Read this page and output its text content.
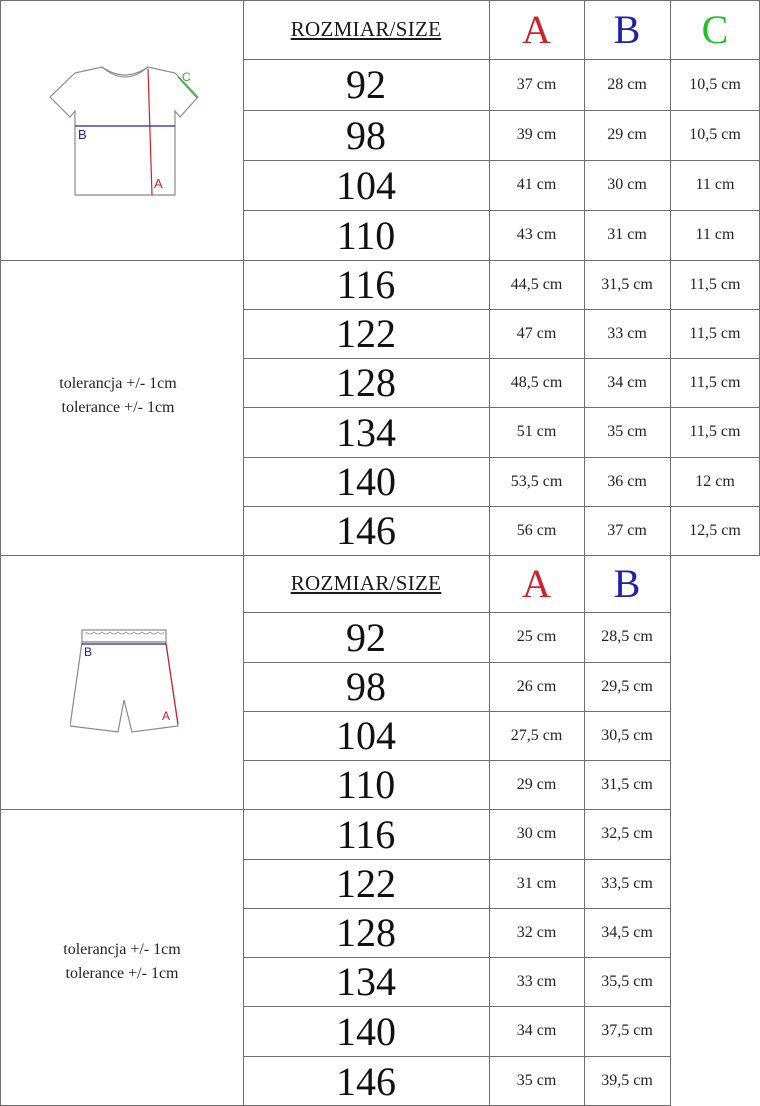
A
B
C
B
A
tolerancja +/- 1cm
tolerance +/- 1cm
tolerancja +/- 1cm
tolerance +/- 1cm
ROZMIAR/SIZE	A	B	C
92	37 cm	28 cm	10,5 cm
98	39 cm	29 cm	10,5 cm
104	41 cm	30 cm	11 cm
110	43 cm	31 cm	11 cm
116	44,5 cm	31,5 cm	11,5 cm
122	47 cm	33 cm	11,5 cm
128	48,5 cm	34 cm	11,5 cm
134	51 cm	35 cm	11,5 cm
140	53,5 cm	36 cm	12 cm
146	56 cm	37 cm	12,5 cm
ROZMIAR/SIZE	A	B
92	25 cm	28,5 cm
98	26 cm	29,5 cm
104	27,5 cm	30,5 cm
110	29 cm	31,5 cm
116	30 cm	32,5 cm
122	31 cm	33,5 cm
128	32 cm	34,5 cm
134	33 cm	35,5 cm
140	34 cm	37,5 cm
146	35 cm	39,5 cm
